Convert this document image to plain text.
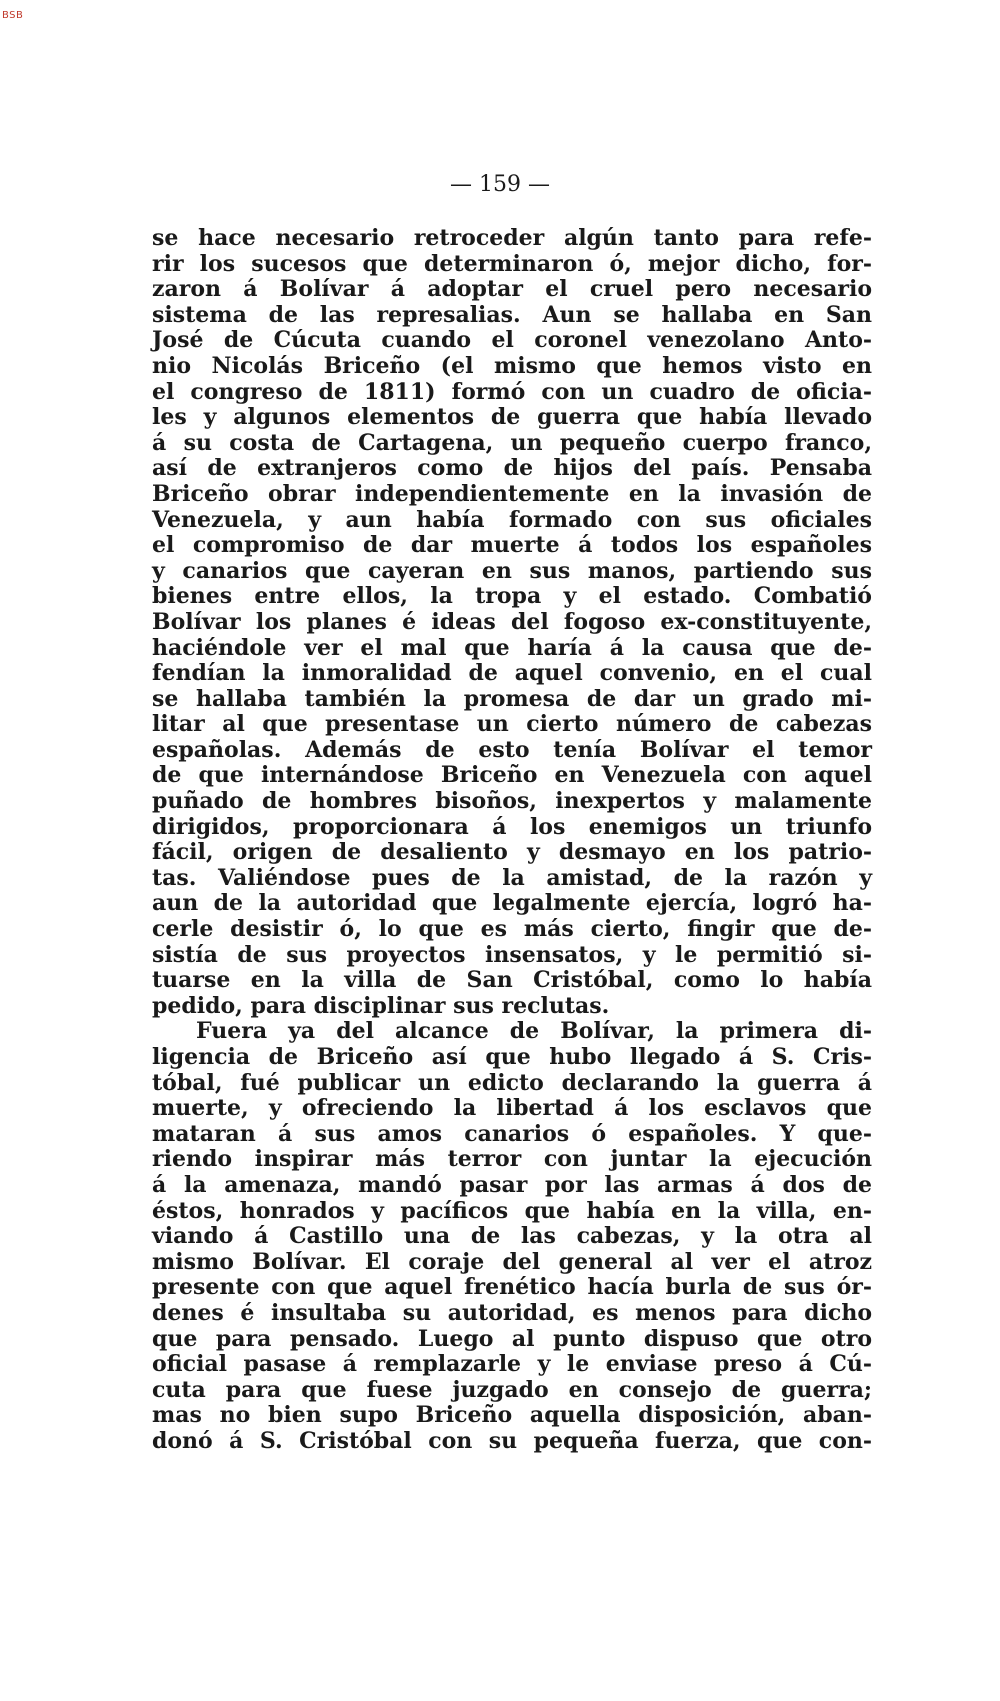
BSB
— 159 —
se hace necesario retroceder algún tanto para refe-
rir los sucesos que determinaron ó, mejor dicho, for-
zaron á Bolívar á adoptar el cruel pero necesario
sistema de las represalias. Aun se hallaba en San
José de Cúcuta cuando el coronel venezolano Anto-
nio Nicolás Briceño (el mismo que hemos visto en
el congreso de 1811) formó con un cuadro de oficia-
les y algunos elementos de guerra que había llevado
á su costa de Cartagena, un pequeño cuerpo franco,
así de extranjeros como de hijos del país. Pensaba
Briceño obrar independientemente en la invasión de
Venezuela, y aun había formado con sus oficiales
el compromiso de dar muerte á todos los españoles
y canarios que cayeran en sus manos, partiendo sus
bienes entre ellos, la tropa y el estado. Combatió
Bolívar los planes é ideas del fogoso ex-constituyente,
haciéndole ver el mal que haría á la causa que de-
fendían la inmoralidad de aquel convenio, en el cual
se hallaba también la promesa de dar un grado mi-
litar al que presentase un cierto número de cabezas
españolas. Además de esto tenía Bolívar el temor
de que internándose Briceño en Venezuela con aquel
puñado de hombres bisoños, inexpertos y malamente
dirigidos, proporcionara á los enemigos un triunfo
fácil, origen de desaliento y desmayo en los patrio-
tas. Valiéndose pues de la amistad, de la razón y
aun de la autoridad que legalmente ejercía, logró ha-
cerle desistir ó, lo que es más cierto, fingir que de-
sistía de sus proyectos insensatos, y le permitió si-
tuarse en la villa de San Cristóbal, como lo había
pedido, para disciplinar sus reclutas.
Fuera ya del alcance de Bolívar, la primera di-
ligencia de Briceño así que hubo llegado á S. Cris-
tóbal, fué publicar un edicto declarando la guerra á
muerte, y ofreciendo la libertad á los esclavos que
mataran á sus amos canarios ó españoles. Y que-
riendo inspirar más terror con juntar la ejecución
á la amenaza, mandó pasar por las armas á dos de
éstos, honrados y pacíficos que había en la villa, en-
viando á Castillo una de las cabezas, y la otra al
mismo Bolívar. El coraje del general al ver el atroz
presente con que aquel frenético hacía burla de sus ór-
denes é insultaba su autoridad, es menos para dicho
que para pensado. Luego al punto dispuso que otro
oficial pasase á remplazarle y le enviase preso á Cú-
cuta para que fuese juzgado en consejo de guerra;
mas no bien supo Briceño aquella disposición, aban-
donó á S. Cristóbal con su pequeña fuerza, que con-
